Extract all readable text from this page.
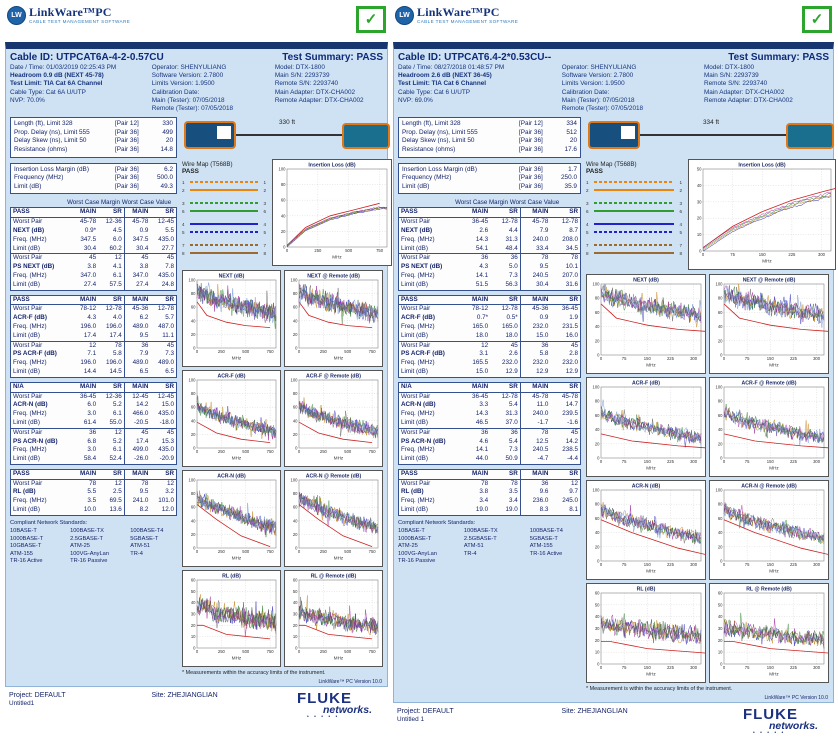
LW LinkWare™PC
CABLE TEST MANAGEMENT SOFTWARE	✓
Cable ID: UTPCAT6A-4-2-0.57CU	Test Summary: PASS
Date / Time: 01/03/2019 02:25:43 PM
Headroom 0.9 dB (NEXT 45-78)
Test Limit: TIA Cat 6A Channel
Cable Type: Cat 6A U/UTP
NVP: 70.0%
Operator: SHENYULIANG
Software Version: 2.7800
Limits Version: 1.9500
Calibration Date:
Main (Tester): 07/05/2018
Remote (Tester): 07/05/2018
Model: DTX-1800
Main S/N: 2293739
Remote S/N: 2293740
Main Adapter: DTX-CHA002
Remote Adapter: DTX-CHA002
Length (ft), Limit 328	[Pair 12]	330
Prop. Delay (ns), Limit 555	[Pair 36]	499
Delay Skew (ns), Limit 50	[Pair 36]	20
Resistance (ohms)	[Pair 36]	14.8
Insertion Loss Margin (dB)	[Pair 36]	6.2
Frequency (MHz)	[Pair 36]	500.0
Limit (dB)	[Pair 36]	49.3
Worst Case Margin Worst Case Value
PASS	MAIN	SR	MAIN	SR
Worst Pair	45-78	12-36	45-78	12-45
NEXT (dB)	0.9*	4.5	0.9	5.5
Freq. (MHz)	347.5	6.0	347.5	435.0
Limit (dB)	30.4	60.2	30.4	27.7
Worst Pair	45	12	45	45
PS NEXT (dB)	3.8	4.1	3.8	7.8
Freq. (MHz)	347.0	6.1	347.0	435.0
Limit (dB)	27.4	57.5	27.4	24.8
PASS	MAIN	SR	MAIN	SR
Worst Pair	78-12	12-78	45-36	12-78
ACR-F (dB)	4.3	4.0	6.2	5.7
Freq. (MHz)	196.0	196.0	489.0	487.0
Limit (dB)	17.4	17.4	9.5	11.1
Worst Pair	12	78	36	45
PS ACR-F (dB)	7.1	5.8	7.9	7.3
Freq. (MHz)	196.0	196.0	489.0	489.0
Limit (dB)	14.4	14.5	6.5	6.5
N/A	MAIN	SR	MAIN	SR
Worst Pair	36-45	12-36	12-45	12-45
ACR-N (dB)	6.0	5.2	14.2	15.0
Freq. (MHz)	3.0	6.1	466.0	435.0
Limit (dB)	61.4	55.0	-20.5	-18.0
Worst Pair	36	12	45	45
PS ACR-N (dB)	6.8	5.2	17.4	15.3
Freq. (MHz)	3.0	6.1	499.0	435.0
Limit (dB)	58.4	52.4	-26.0	-20.9
PASS	MAIN	SR	MAIN	SR
Worst Pair	78	12	78	12
RL (dB)	5.5	2.5	9.5	3.2
Freq. (MHz)	3.5	69.5	241.0	101.0
Limit (dB)	10.0	13.6	8.2	12.0
Compliant Network Standards:
10BASE-T	100BASE-TX	100BASE-T4
1000BASE-T	2.5GBASE-T	5GBASE-T
10GBASE-T	ATM-25	ATM-51
ATM-155	100VG-AnyLan	TR-4
TR-16 Active	TR-16 Passive
330 ft
Wire Map (T568B)
PASS
1	1
2	2
3	3
6	6
4	4
5	5
7	7
8	8
Insertion Loss (dB)
0
20
40
60
80
100
0	250	500	750
MHz
NEXT (dB)
0
20
40
60
80
100
0	250	500	750
MHz
NEXT @ Remote (dB)
0
20
40
60
80
100
0	250	500	750
MHz
ACR-F (dB)
0
20
40
60
80
100
0	250	500	750
MHz
ACR-F @ Remote (dB)
0
20
40
60
80
100
0	250	500	750
MHz
ACR-N (dB)
0
20
40
60
80
100
0	250	500	750
MHz
ACR-N @ Remote (dB)
0
20
40
60
80
100
0	250	500	750
MHz
RL (dB)
0
10
20
30
40
50
60
0	250	500	750
MHz
RL @ Remote (dB)
0
10
20
30
40
50
60
0	250	500	750
MHz
* Measurements within the accuracy limits of the instrument.
LinkWare™ PC Version 10.0
Project: DEFAULT
Untitled1
Site: ZHEJIANGLIAN	FLUKE
networks.
• • • • •
LW LinkWare™PC
CABLE TEST MANAGEMENT SOFTWARE	✓
Cable ID: UTPCAT6.4-2*0.53CU--	Test Summary: PASS
Date / Time: 08/27/2018 01:48:57 PM
Headroom 2.6 dB (NEXT 36-45)
Test Limit: TIA Cat 6 Channel
Cable Type: Cat 6 U/UTP
NVP: 69.0%
Operator: SHENYULIANG
Software Version: 2.7800
Limits Version: 1.9500
Calibration Date:
Main (Tester): 07/05/2018
Remote (Tester): 07/05/2018
Model: DTX-1800
Main S/N: 2293739
Remote S/N: 2293740
Main Adapter: DTX-CHA002
Remote Adapter: DTX-CHA002
Length (ft), Limit 328	[Pair 12]	334
Prop. Delay (ns), Limit 555	[Pair 36]	512
Delay Skew (ns), Limit 50	[Pair 36]	20
Resistance (ohms)	[Pair 36]	17.6
Insertion Loss Margin (dB)	[Pair 36]	1.7
Frequency (MHz)	[Pair 36]	250.0
Limit (dB)	[Pair 36]	35.9
Worst Case Margin Worst Case Value
PASS	MAIN	SR	MAIN	SR
Worst Pair	36-45	12-78	45-78	12-78
NEXT (dB)	2.6	4.4	7.9	8.7
Freq. (MHz)	14.3	31.3	240.0	208.0
Limit (dB)	54.1	48.4	33.4	34.5
Worst Pair	36	36	78	78
PS NEXT (dB)	4.3	5.0	9.5	10.1
Freq. (MHz)	14.1	7.3	240.5	207.0
Limit (dB)	51.5	56.3	30.4	31.6
PASS	MAIN	SR	MAIN	SR
Worst Pair	78-12	12-78	45-36	36-45
ACR-F (dB)	0.7*	0.5*	0.9	1.9
Freq. (MHz)	165.0	165.0	232.0	231.5
Limit (dB)	18.0	18.0	15.0	16.0
Worst Pair	12	45	36	45
PS ACR-F (dB)	3.1	2.6	5.8	2.8
Freq. (MHz)	165.5	232.0	232.0	232.0
Limit (dB)	15.0	12.9	12.9	12.9
N/A	MAIN	SR	MAIN	SR
Worst Pair	36-45	12-78	45-78	45-78
ACR-N (dB)	3.3	5.4	11.0	14.7
Freq. (MHz)	14.3	31.3	240.0	239.5
Limit (dB)	46.5	37.0	-1.7	-1.6
Worst Pair	36	36	78	45
PS ACR-N (dB)	4.6	5.4	12.5	14.2
Freq. (MHz)	14.1	7.3	240.5	238.5
Limit (dB)	44.0	50.9	-4.7	-4.4
PASS	MAIN	SR	MAIN	SR
Worst Pair	78	78	36	12
RL (dB)	3.8	3.5	9.6	9.7
Freq. (MHz)	3.4	3.4	236.0	245.0
Limit (dB)	19.0	19.0	8.3	8.1
Compliant Network Standards:
10BASE-T	100BASE-TX	100BASE-T4
1000BASE-T	2.5GBASE-T	5GBASE-T
ATM-25	ATM-51	ATM-155
100VG-AnyLan	TR-4	TR-16 Active
TR-16 Passive
334 ft
Wire Map (T568B)
PASS
1	1
2	2
3	3
6	6
4	4
5	5
7	7
8	8
Insertion Loss (dB)
0
10
20
30
40
50
0	75	150	225	300
MHz
NEXT (dB)
0
20
40
60
80
100
0	75	150	225	300
MHz
NEXT @ Remote (dB)
0
20
40
60
80
100
0	75	150	225	300
MHz
ACR-F (dB)
0
20
40
60
80
100
0	75	150	225	300
MHz
ACR-F @ Remote (dB)
0
20
40
60
80
100
0	75	150	225	300
MHz
ACR-N (dB)
0
20
40
60
80
100
0	75	150	225	300
MHz
ACR-N @ Remote (dB)
0
20
40
60
80
100
0	75	150	225	300
MHz
RL (dB)
0
10
20
30
40
50
60
0	75	150	225	300
MHz
RL @ Remote (dB)
0
10
20
30
40
50
60
0	75	150	225	300
MHz
* Measurement is within the accuracy limits of the instrument.
LinkWare™ PC Version 10.0
Project: DEFAULT
Untitled 1
Site: ZHEJIANGLIAN	FLUKE
networks.
• • • • •
